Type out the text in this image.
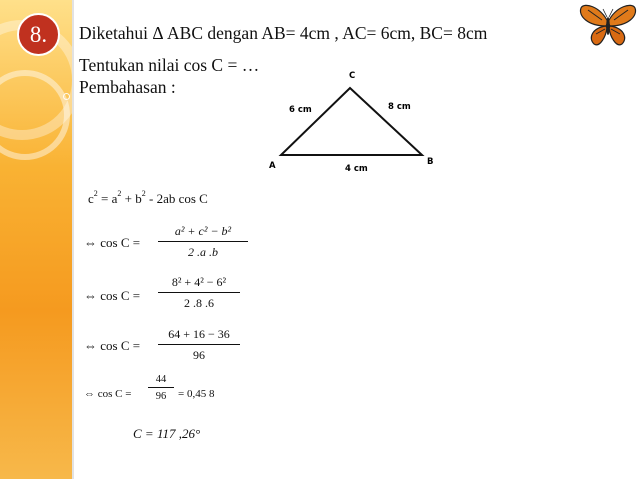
8.	Diketahui Δ ABC dengan AB= 4cm , AC= 6cm, BC= 8cm
Tentukan nilai cos C = …
Pembahasan :
A	B
C
6 cm	8 cm
4 cm
$c^2 = a^2 + b^2 - 2ab$ cos C
⇔ $\cos C = \frac{\text{a² + c² − b²}}{2 .a .b}$
⇔ $\cos C = \frac{\text{8² + 4² − 6²}}{2 .8 .6}$
⇔ $\cos C = \frac{64 + 16 - 36}{96}$
⇔ $\cos C = \frac{44}{96} = 0,45$ 8
C = 117 ,26°
